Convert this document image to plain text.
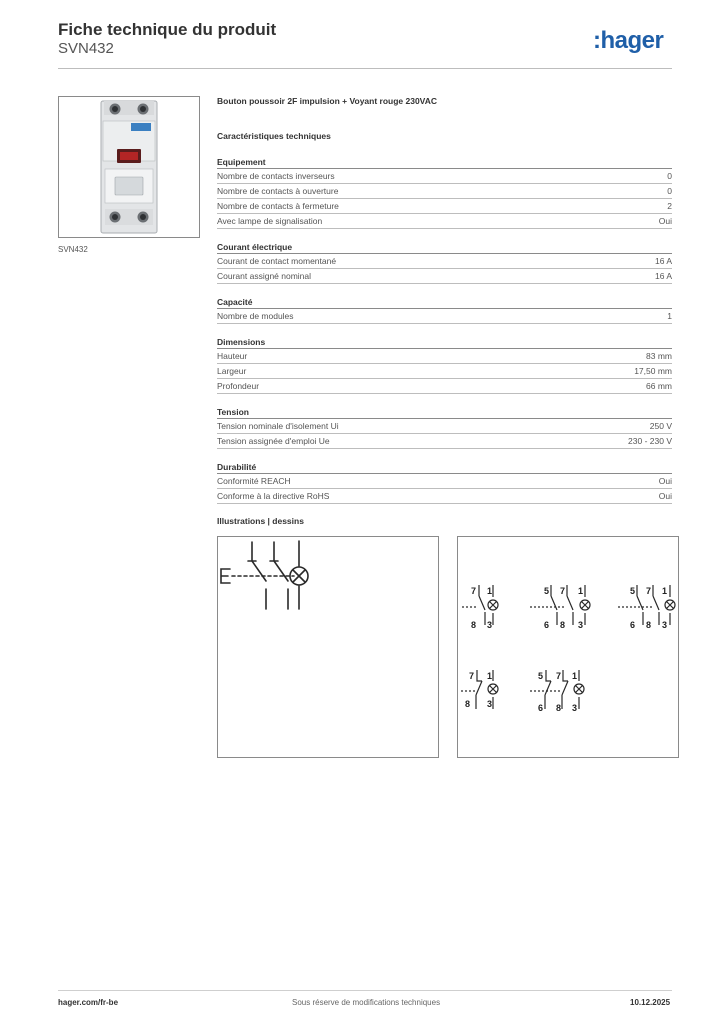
Fiche technique du produit
SVN432	:hager
SVN432
Bouton poussoir 2F impulsion + Voyant rouge 230VAC
Caractéristiques techniques
Equipement
Nombre de contacts inverseurs	0
Nombre de contacts à ouverture	0
Nombre de contacts à fermeture	2
Avec lampe de signalisation	Oui
Courant électrique
Courant de contact momentané	16 A
Courant assigné nominal	16 A
Capacité
Nombre de modules	1
Dimensions
Hauteur	83 mm
Largeur	17,50 mm
Profondeur	66 mm
Tension
Tension nominale d'isolement Ui	250 V
Tension assignée d'emploi Ue	230 - 230 V
Durabilité
Conformité REACH	Oui
Conforme à la directive RoHS	Oui
Illustrations | dessins
7 1
8 3
5 7 1
6 8 3
5 7 1
6 8 3
7 1
8 3
5 7 1
6 8 3
hager.com/fr-be	Sous réserve de modifications techniques	10.12.2025
